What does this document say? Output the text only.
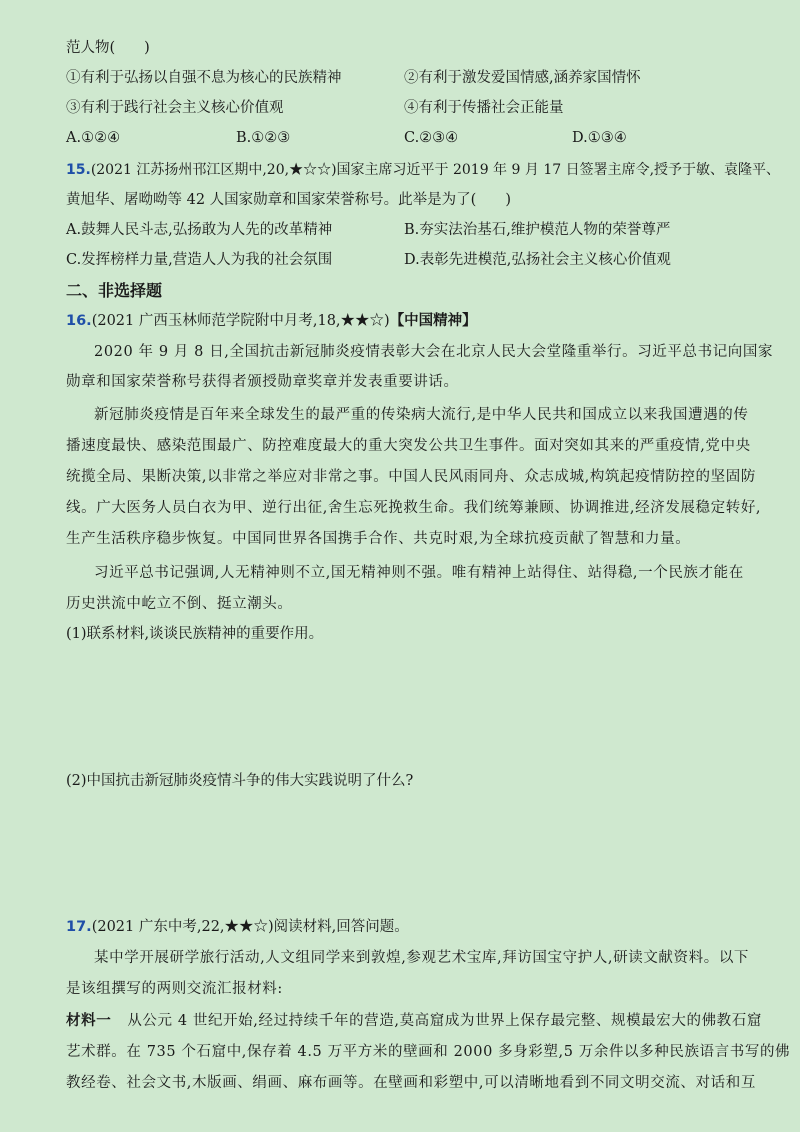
范人物(　　)
①有利于弘扬以自强不息为核心的民族精神	②有利于激发爱国情感,涵养家国情怀
③有利于践行社会主义核心价值观	④有利于传播社会正能量
A.①②④	B.①②③	C.②③④	D.①③④
15.(2021 江苏扬州邗江区期中,20,★☆☆)国家主席习近平于 2019 年 9 月 17 日签署主席令,授予于敏、袁隆平、
黄旭华、屠呦呦等 42 人国家勋章和国家荣誉称号。此举是为了(　　)
A.鼓舞人民斗志,弘扬敢为人先的改革精神	B.夯实法治基石,维护模范人物的荣誉尊严
C.发挥榜样力量,营造人人为我的社会氛围	D.表彰先进模范,弘扬社会主义核心价值观
二、非选择题
16.(2021 广西玉林师范学院附中月考,18,★★☆)【中国精神】
2020 年 9 月 8 日,全国抗击新冠肺炎疫情表彰大会在北京人民大会堂隆重举行。习近平总书记向国家
勋章和国家荣誉称号获得者颁授勋章奖章并发表重要讲话。
新冠肺炎疫情是百年来全球发生的最严重的传染病大流行,是中华人民共和国成立以来我国遭遇的传
播速度最快、感染范围最广、防控难度最大的重大突发公共卫生事件。面对突如其来的严重疫情,党中央
统揽全局、果断决策,以非常之举应对非常之事。中国人民风雨同舟、众志成城,构筑起疫情防控的坚固防
线。广大医务人员白衣为甲、逆行出征,舍生忘死挽救生命。我们统筹兼顾、协调推进,经济发展稳定转好,
生产生活秩序稳步恢复。中国同世界各国携手合作、共克时艰,为全球抗疫贡献了智慧和力量。
习近平总书记强调,人无精神则不立,国无精神则不强。唯有精神上站得住、站得稳,一个民族才能在
历史洪流中屹立不倒、挺立潮头。
(1)联系材料,谈谈民族精神的重要作用。
(2)中国抗击新冠肺炎疫情斗争的伟大实践说明了什么?
17.(2021 广东中考,22,★★☆)阅读材料,回答问题。
某中学开展研学旅行活动,人文组同学来到敦煌,参观艺术宝库,拜访国宝守护人,研读文献资料。以下
是该组撰写的两则交流汇报材料:
材料一 从公元 4 世纪开始,经过持续千年的营造,莫高窟成为世界上保存最完整、规模最宏大的佛教石窟
艺术群。在 735 个石窟中,保存着 4.5 万平方米的壁画和 2000 多身彩塑,5 万余件以多种民族语言书写的佛
教经卷、社会文书,木版画、绢画、麻布画等。在壁画和彩塑中,可以清晰地看到不同文明交流、对话和互
